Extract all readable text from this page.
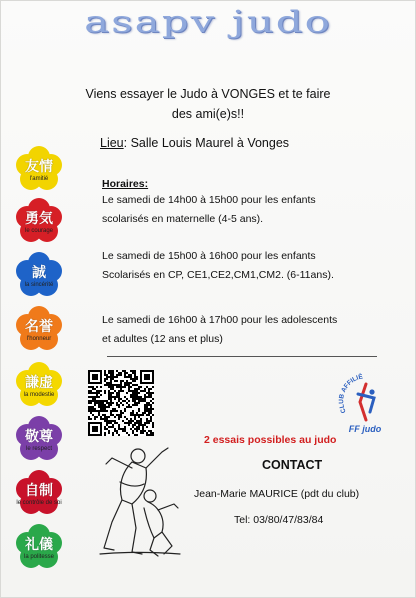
asapv judo
Viens essayer le Judo à VONGES et te faire
des ami(e)s!!
Lieu: Salle Louis Maurel à Vonges
Horaires:
Le samedi de 14h00 à 15h00 pour les enfants
scolarisés en maternelle (4-5 ans).
Le samedi de 15h00 à 16h00 pour les enfants
Scolarisés en CP, CE1,CE2,CM1,CM2. (6-11ans).
Le samedi de 16h00 à 17h00 pour les adolescents
et adultes (12 ans et plus)
友情
l'amitié
勇気
le courage
誠
la sincérité
名誉
l'honneur
謙虚
la modestie
敬尊
le respect
自制
le contrôle de soi
礼儀
la politesse
CLUB AFFILIÉ
FF judo
2 essais possibles au judo
CONTACT
Jean-Marie MAURICE (pdt du club)
Tel: 03/80/47/83/84
